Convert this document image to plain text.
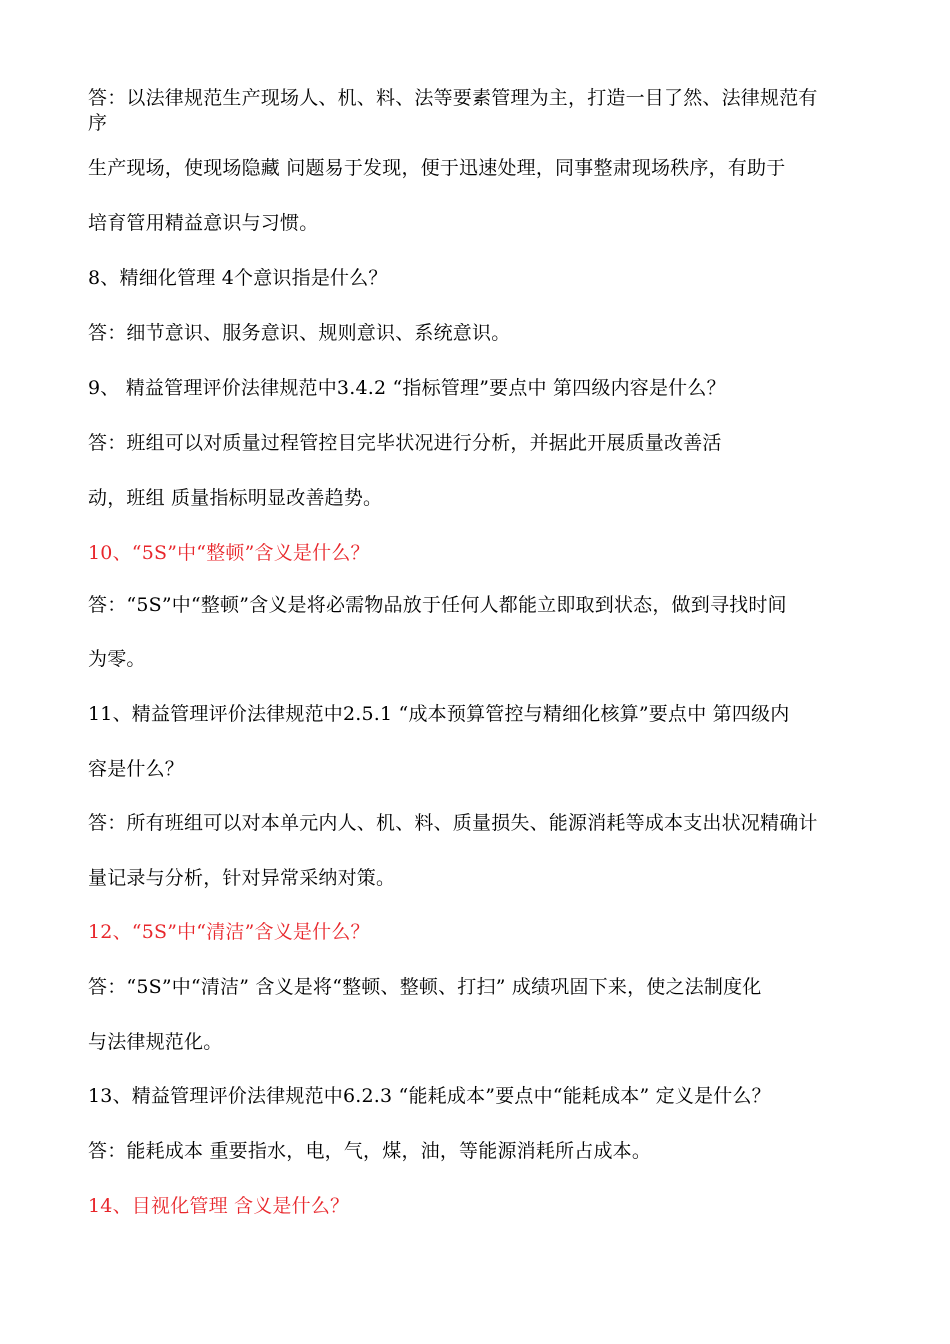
答：以法律规范生产现场人、机、料、法等要素管理为主，打造一目了然、法律规范有
序
生产现场，使现场隐藏 问题易于发现，便于迅速处理，同事整肃现场秩序，有助于
培育管用精益意识与习惯。
8、精细化管理 4个意识指是什么？
答：细节意识、服务意识、规则意识、系统意识。
9、 精益管理评价法律规范中3.4.2 “指标管理”要点中 第四级内容是什么？
答：班组可以对质量过程管控目完毕状况进行分析，并据此开展质量改善活
动，班组 质量指标明显改善趋势。
10、“5S”中“整顿”含义是什么？
答：“5S”中“整顿”含义是将必需物品放于任何人都能立即取到状态，做到寻找时间
为零。
11、精益管理评价法律规范中2.5.1 “成本预算管控与精细化核算”要点中 第四级内
容是什么？
答：所有班组可以对本单元内人、机、料、质量损失、能源消耗等成本支出状况精确计
量记录与分析，针对异常采纳对策。
12、“5S”中“清洁”含义是什么？
答：“5S”中“清洁” 含义是将“整顿、整顿、打扫” 成绩巩固下来，使之法制度化
与法律规范化。
13、精益管理评价法律规范中6.2.3 “能耗成本”要点中“能耗成本” 定义是什么？
答：能耗成本 重要指水，电，气，煤，油，等能源消耗所占成本。
14、目视化管理 含义是什么？
